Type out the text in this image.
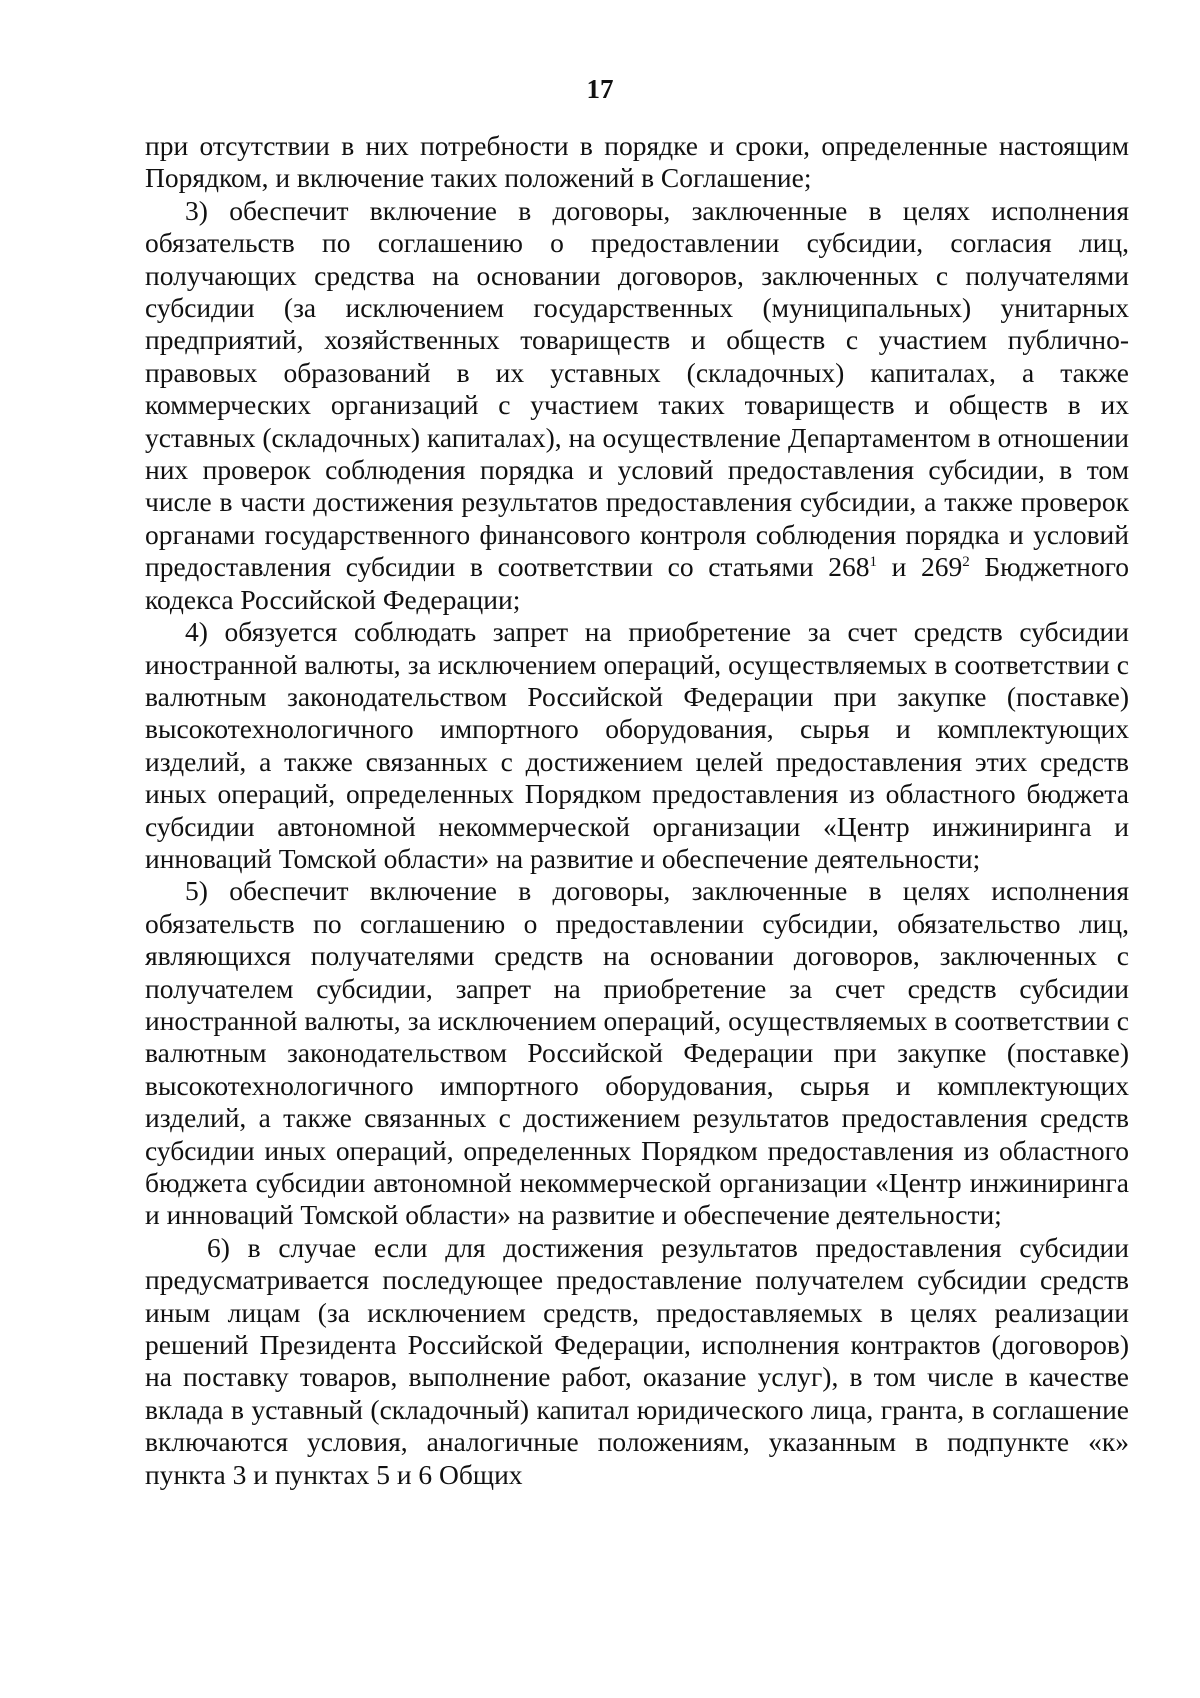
17

при отсутствии в них потребности в порядке и сроки, определенные настоящим Порядком, и включение таких положений в Соглашение;

3) обеспечит включение в договоры, заключенные в целях исполнения обязательств по соглашению о предоставлении субсидии, согласия лиц, получающих средства на основании договоров, заключенных с получателями субсидии (за исключением государственных (муниципальных) унитарных предприятий, хозяйственных товариществ и обществ с участием публично-правовых образований в их уставных (складочных) капиталах, а также коммерческих организаций с участием таких товариществ и обществ в их уставных (складочных) капиталах), на осуществление Департаментом в отношении них проверок соблюдения порядка и условий предоставления субсидии, в том числе в части достижения результатов предоставления субсидии, а также проверок органами государственного финансового контроля соблюдения порядка и условий предоставления субсидии в соответствии со статьями $268^1$ и $269^2$ Бюджетного кодекса Российской Федерации;

4) обязуется соблюдать запрет на приобретение за счет средств субсидии иностранной валюты, за исключением операций, осуществляемых в соответствии с валютным законодательством Российской Федерации при закупке (поставке) высокотехнологичного импортного оборудования, сырья и комплектующих изделий, а также связанных с достижением целей предоставления этих средств иных операций, определенных Порядком предоставления из областного бюджета субсидии автономной некоммерческой организации «Центр инжиниринга и инноваций Томской области» на развитие и обеспечение деятельности;

5) обеспечит включение в договоры, заключенные в целях исполнения обязательств по соглашению о предоставлении субсидии, обязательство лиц, являющихся получателями средств на основании договоров, заключенных с получателем субсидии, запрет на приобретение за счет средств субсидии иностранной валюты, за исключением операций, осуществляемых в соответствии с валютным законодательством Российской Федерации при закупке (поставке) высокотехнологичного импортного оборудования, сырья и комплектующих изделий, а также связанных с достижением результатов предоставления средств субсидии иных операций, определенных Порядком предоставления из областного бюджета субсидии автономной некоммерческой организации «Центр инжиниринга и инноваций Томской области» на развитие и обеспечение деятельности;

6) в случае если для достижения результатов предоставления субсидии предусматривается последующее предоставление получателем субсидии средств иным лицам (за исключением средств, предоставляемых в целях реализации решений Президента Российской Федерации, исполнения контрактов (договоров) на поставку товаров, выполнение работ, оказание услуг), в том числе в качестве вклада в уставный (складочный) капитал юридического лица, гранта, в соглашение включаются условия, аналогичные положениям, указанным в подпункте «к» пункта 3 и пунктах 5 и 6 Общих
